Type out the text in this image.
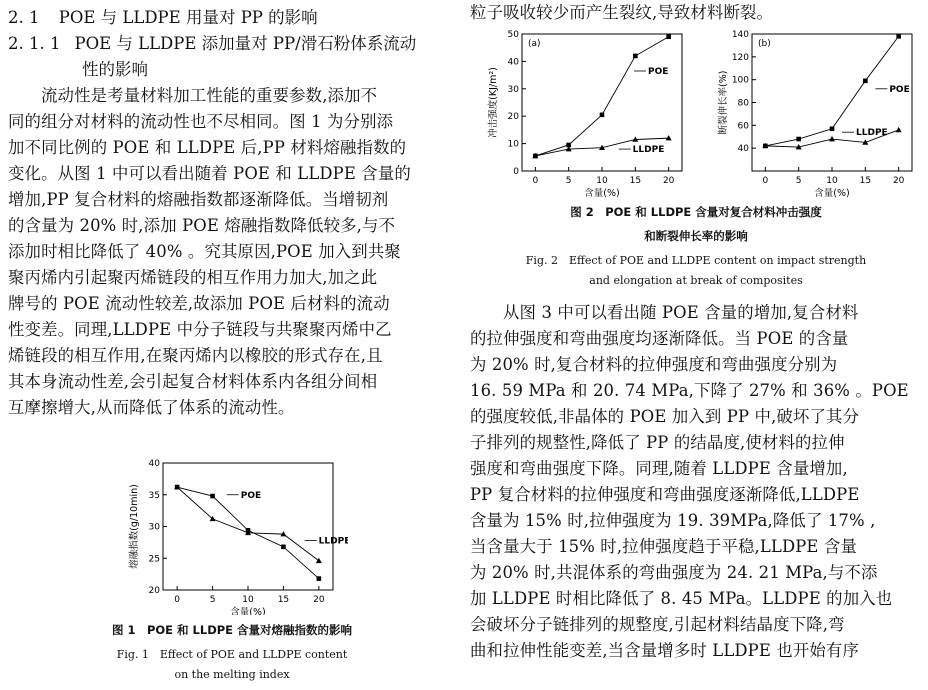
2. 1 POE 与 LLDPE 用量对 PP 的影响
2. 1. 1 POE 与 LLDPE 添加量对 PP/滑石粉体系流动
性的影响
流动性是考量材料加工性能的重要参数,添加不
同的组分对材料的流动性也不尽相同。图 1 为分别添
加不同比例的 POE 和 LLDPE 后,PP 材料熔融指数的
变化。从图 1 中可以看出随着 POE 和 LLDPE 含量的
增加,PP 复合材料的熔融指数都逐渐降低。当增韧剂
的含量为 20% 时,添加 POE 熔融指数降低较多,与不
添加时相比降低了 40% 。究其原因,POE 加入到共聚
聚丙烯内引起聚丙烯链段的相互作用力加大,加之此
牌号的 POE 流动性较差,故添加 POE 后材料的流动
性变差。同理,LLDPE 中分子链段与共聚聚丙烯中乙
烯链段的相互作用,在聚丙烯内以橡胶的形式存在,且
其本身流动性差,会引起复合材料体系内各组分间相
互摩擦增大,从而降低了体系的流动性。
0	5	10	15	20
20
25
30
35
40
含量(%)
熔融指数(g/10min)	POE
LLDPE
图 1　POE 和 LLDPE 含量对熔融指数的影响
Fig. 1　Effect of POE and LLDPE content
on the melting index
粒子吸收较少而产生裂纹,导致材料断裂。
0	5	10 15 20
0
10
20
30
40
50
含量(%)
冲击强度(KJ/m²)
(a)
POE
LLDPE
0	5	10 15 20
40
60
80
100
120
140
含量(%)
断裂伸长率(%)
(b)
POE
LLDPE
图 2　POE 和 LLDPE 含量对复合材料冲击强度
和断裂伸长率的影响
Fig. 2　Effect of POE and LLDPE content on impact strength
and elongation at break of composites
从图 3 中可以看出随 POE 含量的增加,复合材料
的拉伸强度和弯曲强度均逐渐降低。当 POE 的含量
为 20% 时,复合材料的拉伸强度和弯曲强度分别为
16. 59 MPa 和 20. 74 MPa,下降了 27% 和 36% 。POE
的强度较低,非晶体的 POE 加入到 PP 中,破坏了其分
子排列的规整性,降低了 PP 的结晶度,使材料的拉伸
强度和弯曲强度下降。同理,随着 LLDPE 含量增加,
PP 复合材料的拉伸强度和弯曲强度逐渐降低,LLDPE
含量为 15% 时,拉伸强度为 19. 39MPa,降低了 17% ,
当含量大于 15% 时,拉伸强度趋于平稳,LLDPE 含量
为 20% 时,共混体系的弯曲强度为 24. 21 MPa,与不添
加 LLDPE 时相比降低了 8. 45 MPa。LLDPE 的加入也
会破坏分子链排列的规整度,引起材料结晶度下降,弯
曲和拉伸性能变差,当含量增多时 LLDPE 也开始有序
